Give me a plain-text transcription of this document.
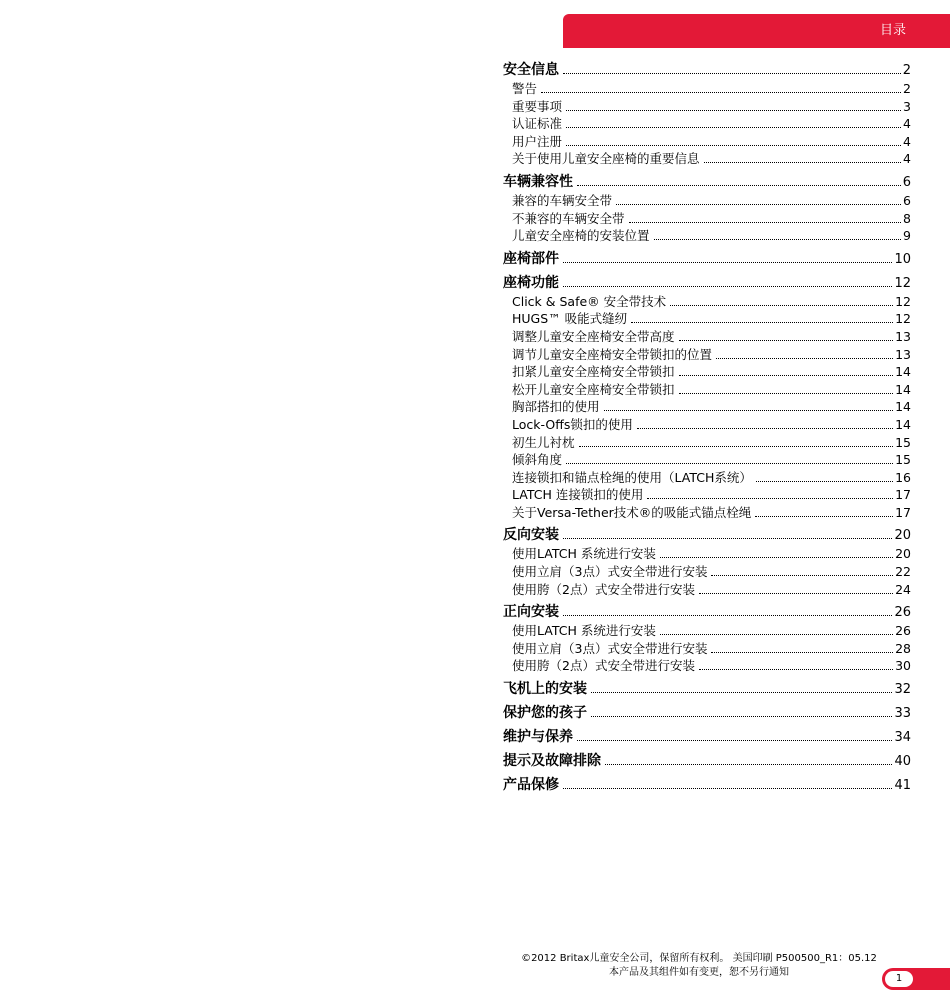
目录
安全信息	2
警告	2
重要事项	3
认证标准	4
用户注册	4
关于使用儿童安全座椅的重要信息	4
车辆兼容性	6
兼容的车辆安全带	6
不兼容的车辆安全带	8
儿童安全座椅的安装位置	9
座椅部件	10
座椅功能	12
Click & Safe® 安全带技术	12
HUGS™ 吸能式缝纫	12
调整儿童安全座椅安全带高度	13
调节儿童安全座椅安全带锁扣的位置	13
扣紧儿童安全座椅安全带锁扣	14
松开儿童安全座椅安全带锁扣	14
胸部搭扣的使用	14
Lock-Offs锁扣的使用	14
初生儿衬枕	15
倾斜角度	15
连接锁扣和锚点栓绳的使用（LATCH系统）	16
LATCH 连接锁扣的使用	17
关于Versa-Tether技术®的吸能式锚点栓绳	17
反向安装	20
使用LATCH 系统进行安装	20
使用立肩（3点）式安全带进行安装	22
使用胯（2点）式安全带进行安装	24
正向安装	26
使用LATCH 系统进行安装	26
使用立肩（3点）式安全带进行安装	28
使用胯（2点）式安全带进行安装	30
飞机上的安装	32
保护您的孩子	33
维护与保养	34
提示及故障排除	40
产品保修	41
©2012 Britax儿童安全公司，保留所有权利。 美国印刷 P500500_R1：05.12
本产品及其组件如有变更，恕不另行通知
1
